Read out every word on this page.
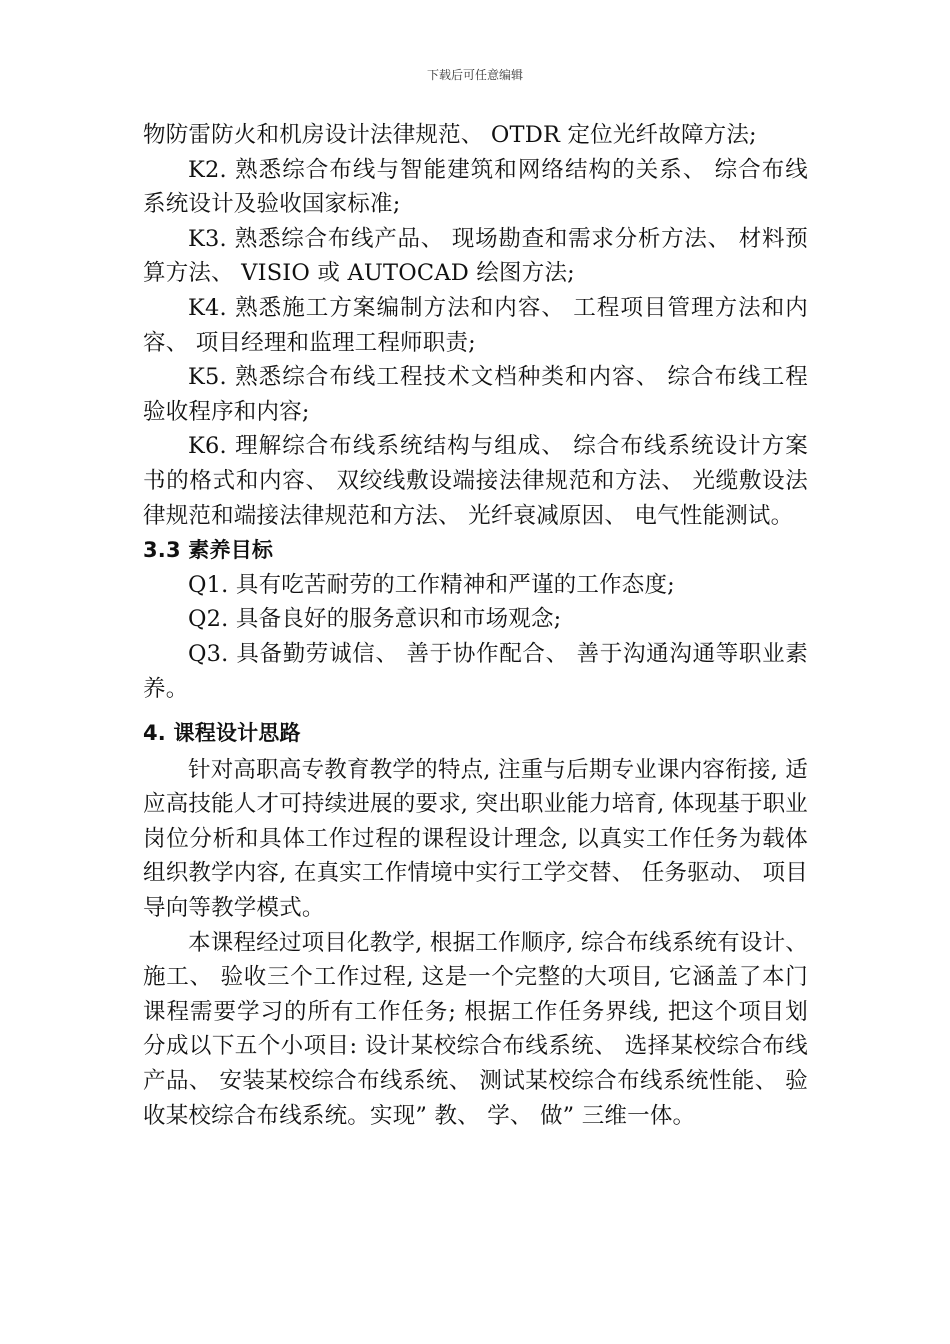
下载后可任意编辑

物防雷防火和机房设计法律规范、 OTDR 定位光纤故障方法;

K2. 熟悉综合布线与智能建筑和网络结构的关系、 综合布线系统设计及验收国家标准;

K3. 熟悉综合布线产品、 现场勘查和需求分析方法、 材料预算方法、 VISIO 或 AUTOCAD 绘图方法;

K4. 熟悉施工方案编制方法和内容、 工程项目管理方法和内容、 项目经理和监理工程师职责;

K5. 熟悉综合布线工程技术文档种类和内容、 综合布线工程验收程序和内容;

K6. 理解综合布线系统结构与组成、 综合布线系统设计方案书的格式和内容、 双绞线敷设端接法律规范和方法、 光缆敷设法律规范和端接法律规范和方法、 光纤衰减原因、 电气性能测试。

3.3 素养目标

Q1. 具有吃苦耐劳的工作精神和严谨的工作态度;

Q2. 具备良好的服务意识和市场观念;

Q3. 具备勤劳诚信、 善于协作配合、 善于沟通沟通等职业素养。

4. 课程设计思路

针对高职高专教育教学的特点, 注重与后期专业课内容衔接, 适应高技能人才可持续进展的要求, 突出职业能力培育, 体现基于职业岗位分析和具体工作过程的课程设计理念, 以真实工作任务为载体组织教学内容, 在真实工作情境中实行工学交替、 任务驱动、 项目导向等教学模式。

本课程经过项目化教学, 根据工作顺序, 综合布线系统有设计、 施工、 验收三个工作过程, 这是一个完整的大项目, 它涵盖了本门课程需要学习的所有工作任务; 根据工作任务界线, 把这个项目划分成以下五个小项目: 设计某校综合布线系统、 选择某校综合布线产品、 安装某校综合布线系统、 测试某校综合布线系统性能、 验收某校综合布线系统。实现” 教、 学、 做” 三维一体。
